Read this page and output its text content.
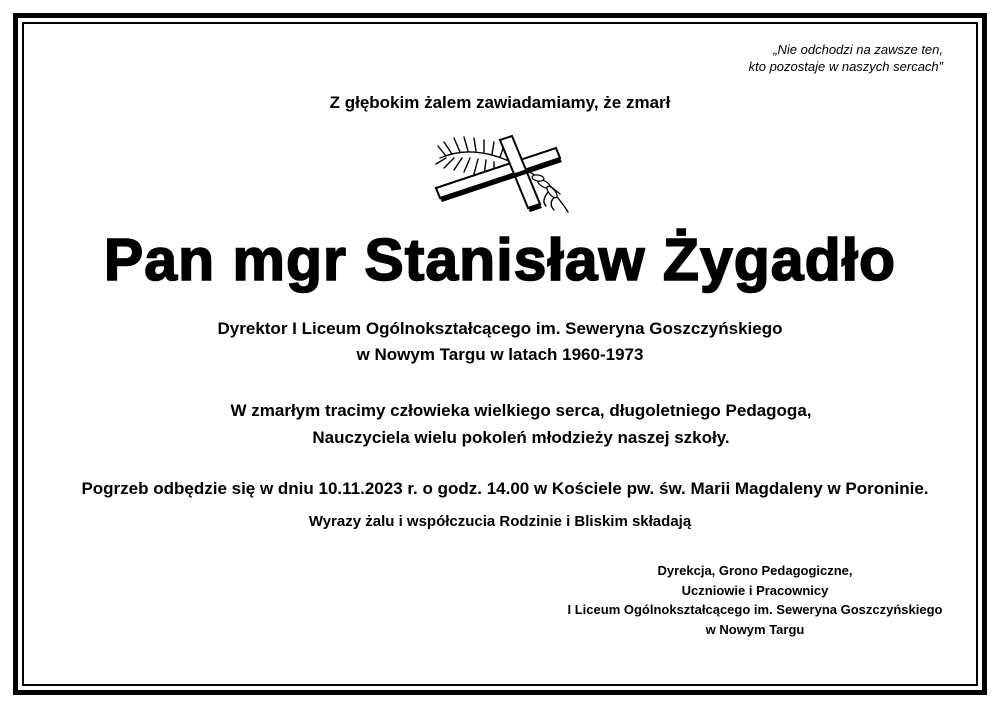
„Nie odchodzi na zawsze ten,
kto pozostaje w naszych sercach”

Z głębokim żalem zawiadamiamy, że zmarł

Pan mgr Stanisław Żygadło

Dyrektor I Liceum Ogólnokształcącego im. Seweryna Goszczyńskiego
w Nowym Targu w latach 1960-1973
W zmarłym tracimy człowieka wielkiego serca, długoletniego Pedagoga,
Nauczyciela wielu pokoleń młodzieży naszej szkoły.

Pogrzeb odbędzie się w dniu 10.11.2023 r. o godz. 14.00 w Kościele pw. św. Marii Magdaleny w Poroninie.

Wyrazy żalu i współczucia Rodzinie i Bliskim składają

Dyrekcja, Grono Pedagogiczne,
Uczniowie i Pracownicy
I Liceum Ogólnokształcącego im. Seweryna Goszczyńskiego
w Nowym Targu
